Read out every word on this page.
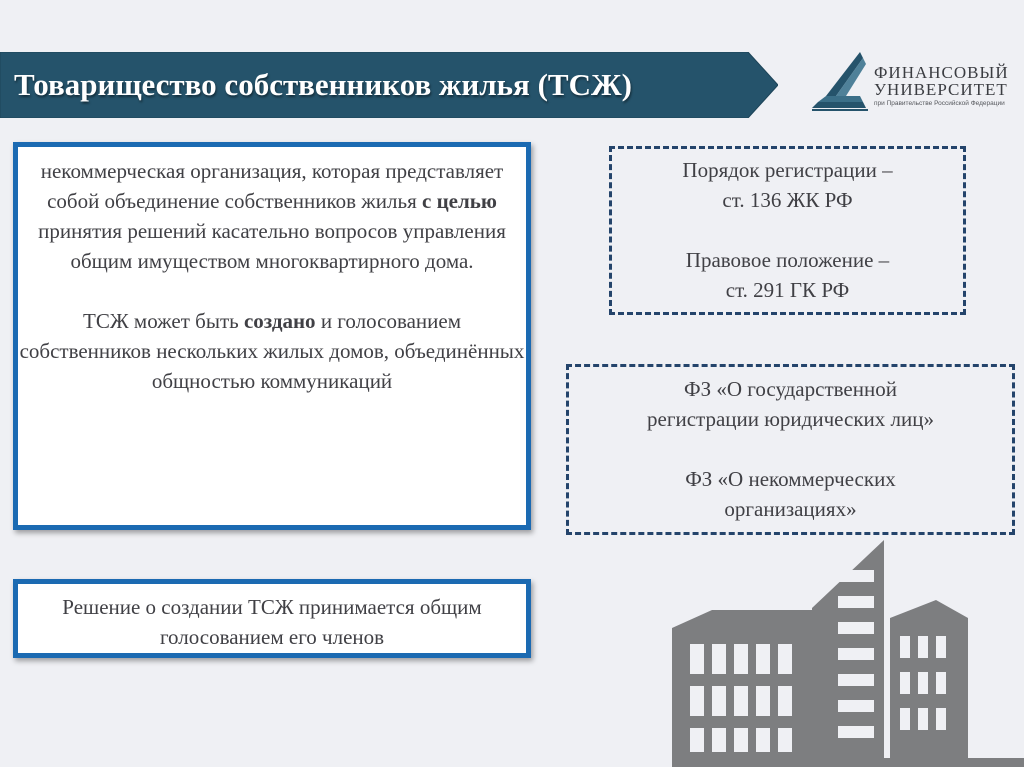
Товарищество собственников жилья (ТСЖ)	ФИНАНСОВЫЙ
УНИВЕРСИТЕТ
при Правительстве Российской Федерации

некоммерческая организация, которая представляет собой объединение собственников жилья с целью принятия решений касательно вопросов управления общим имуществом многоквартирного дома.

ТСЖ может быть создано и голосованием собственников нескольких жилых домов, объединённых общностью коммуникаций

Решение о создании ТСЖ принимается общим голосованием его членов

Порядок регистрации –
ст. 136 ЖК РФ
Правовое положение –
ст. 291 ГК РФ
ФЗ «О государственной
регистрации юридических лиц»
ФЗ «О некоммерческих
организациях»
